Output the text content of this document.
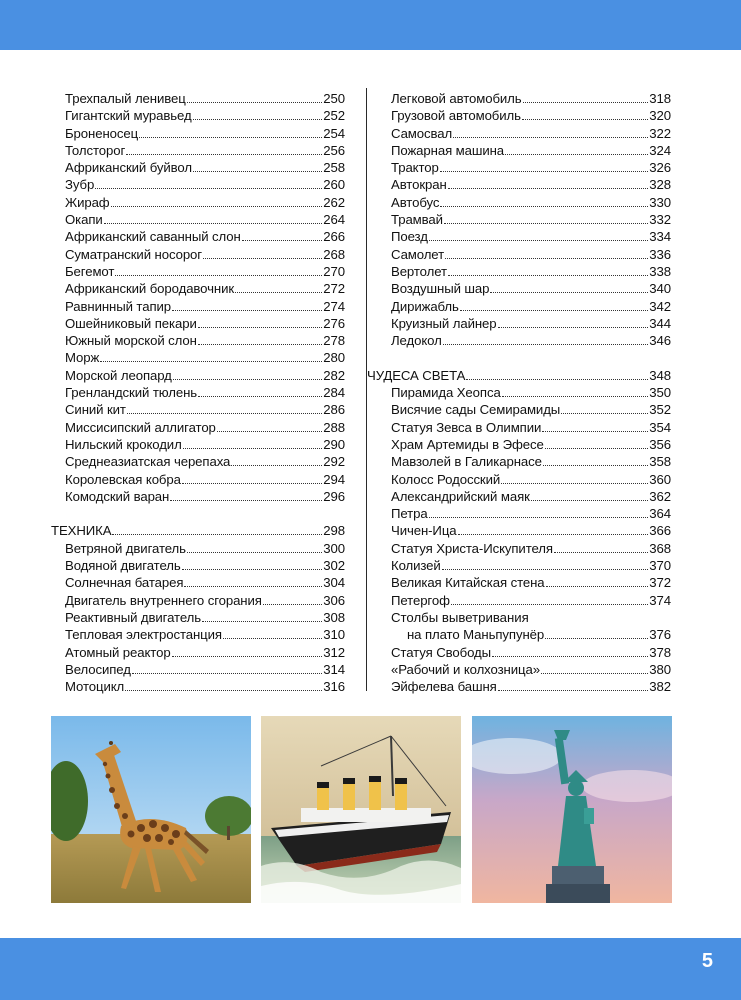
Трехпалый ленивец	250
Гигантский муравьед	252
Броненосец	254
Толсторог	256
Африканский буйвол	258
Зубр	260
Жираф	262
Окапи	264
Африканский саванный слон	266
Суматранский носорог	268
Бегемот	270
Африканский бородавочник	272
Равнинный тапир	274
Ошейниковый пекари	276
Южный морской слон	278
Морж	280
Морской леопард	282
Гренландский тюлень	284
Синий кит	286
Миссисипский аллигатор	288
Нильский крокодил	290
Среднеазиатская черепаха	292
Королевская кобра	294
Комодский варан	296
ТЕХНИКА	298
Ветряной двигатель	300
Водяной двигатель	302
Солнечная батарея	304
Двигатель внутреннего сгорания	306
Реактивный двигатель	308
Тепловая электростанция	310
Атомный реактор	312
Велосипед	314
Мотоцикл	316
Легковой автомобиль	318
Грузовой автомобиль	320
Самосвал	322
Пожарная машина	324
Трактор	326
Автокран	328
Автобус	330
Трамвай	332
Поезд	334
Самолет	336
Вертолет	338
Воздушный шар	340
Дирижабль	342
Круизный лайнер	344
Ледокол	346
ЧУДЕСА СВЕТА	348
Пирамида Хеопса	350
Висячие сады Семирамиды	352
Статуя Зевса в Олимпии	354
Храм Артемиды в Эфесе	356
Мавзолей в Галикарнасе	358
Колосс Родосский	360
Александрийский маяк	362
Петра	364
Чичен-Ица	366
Статуя Христа-Искупителя	368
Колизей	370
Великая Китайская стена	372
Петергоф	374
Столбы выветривания
на плато Маньпупунёр	376
Статуя Свободы	378
«Рабочий и колхозница»	380
Эйфелева башня	382
5
